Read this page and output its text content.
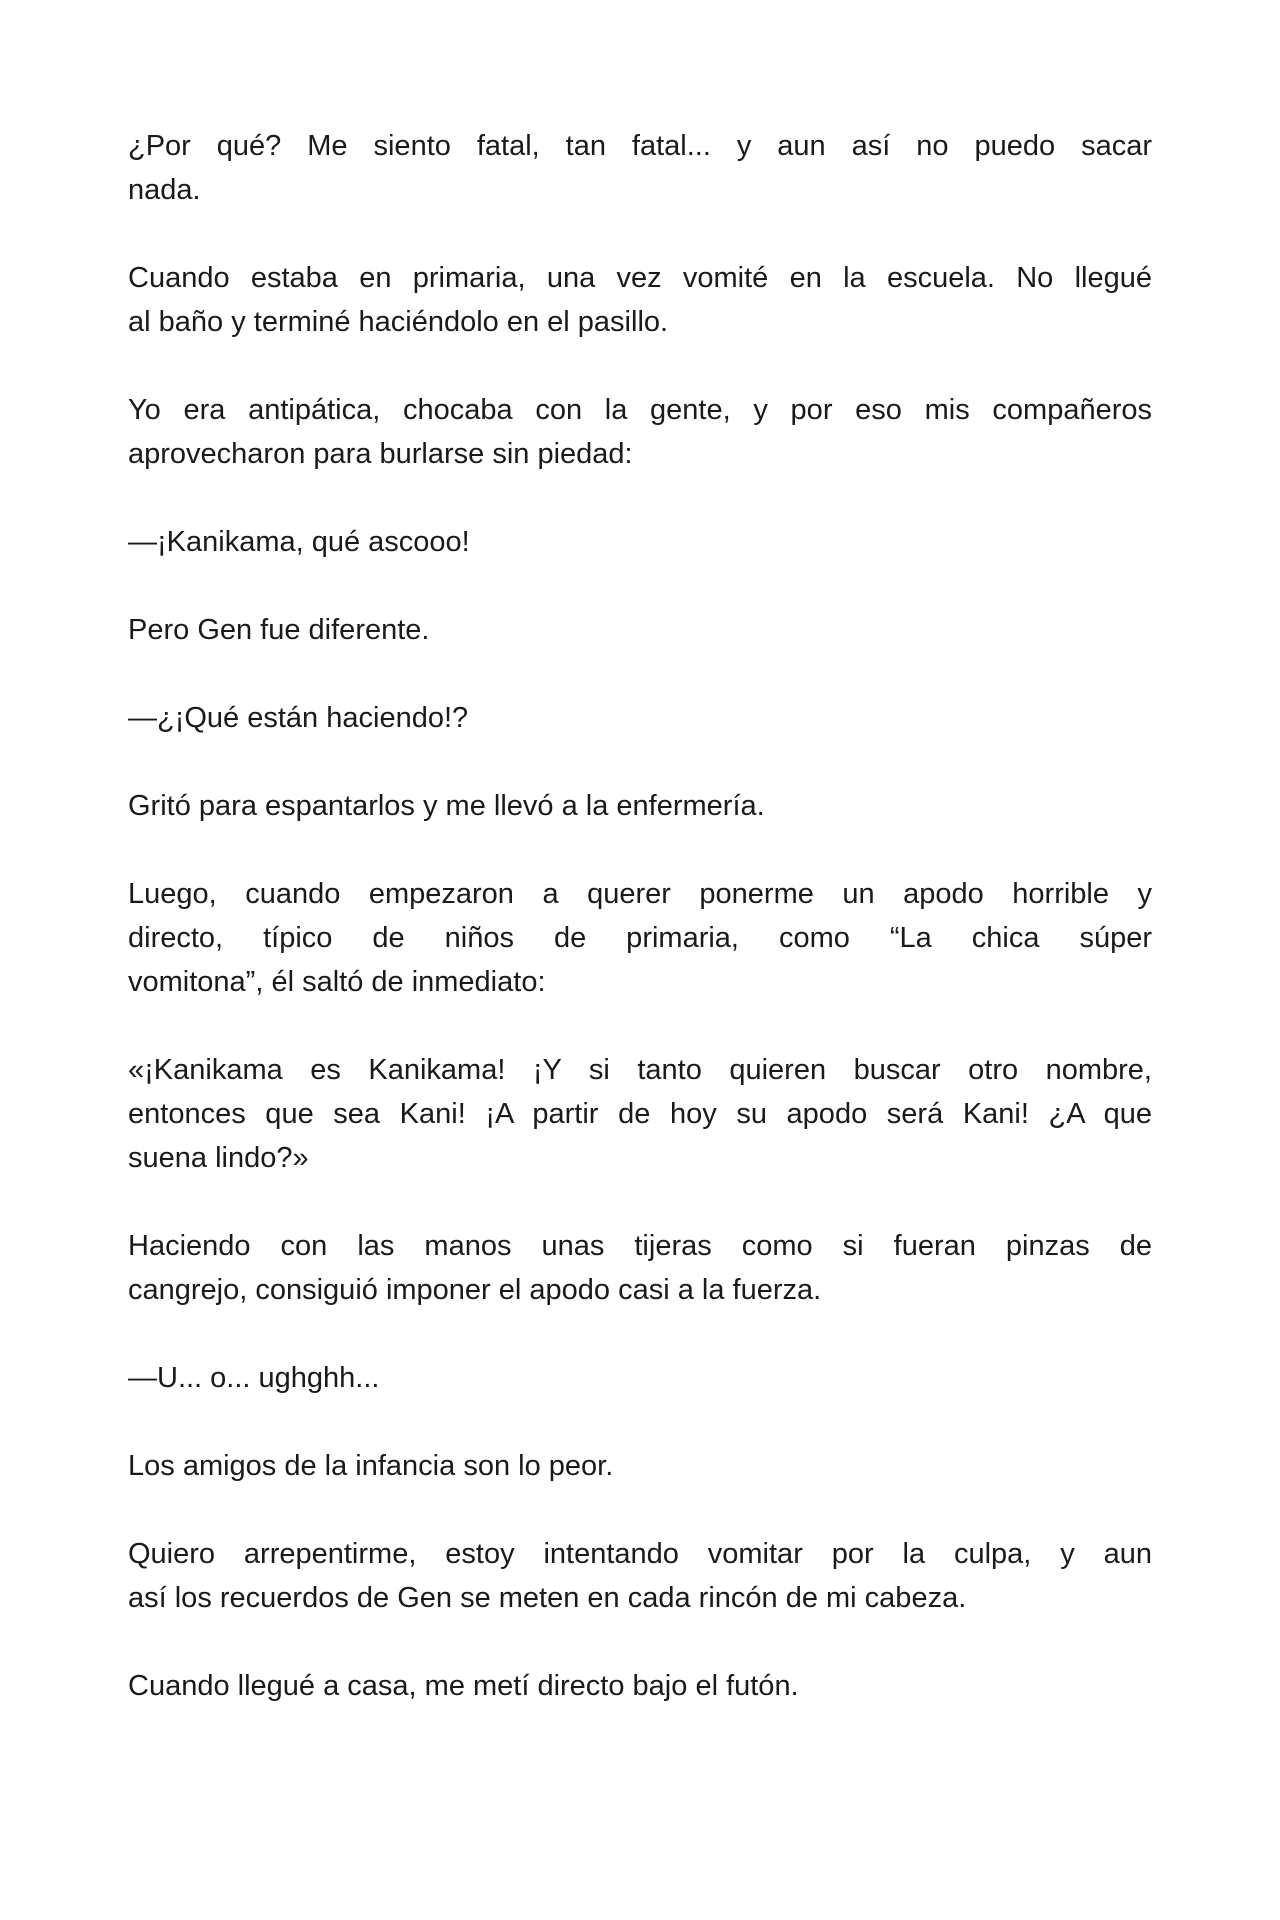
¿Por qué? Me siento fatal, tan fatal... y aun así no puedo sacar
nada.

Cuando estaba en primaria, una vez vomité en la escuela. No llegué
al baño y terminé haciéndolo en el pasillo.

Yo era antipática, chocaba con la gente, y por eso mis compañeros
aprovecharon para burlarse sin piedad:

—¡Kanikama, qué ascooo!

Pero Gen fue diferente.

—¿¡Qué están haciendo!?

Gritó para espantarlos y me llevó a la enfermería.

Luego, cuando empezaron a querer ponerme un apodo horrible y
directo, típico de niños de primaria, como “La chica súper
vomitona”, él saltó de inmediato:

«¡Kanikama es Kanikama! ¡Y si tanto quieren buscar otro nombre,
entonces que sea Kani! ¡A partir de hoy su apodo será Kani! ¿A que
suena lindo?»

Haciendo con las manos unas tijeras como si fueran pinzas de
cangrejo, consiguió imponer el apodo casi a la fuerza.

—U... o... ughghh...

Los amigos de la infancia son lo peor.

Quiero arrepentirme, estoy intentando vomitar por la culpa, y aun
así los recuerdos de Gen se meten en cada rincón de mi cabeza.

Cuando llegué a casa, me metí directo bajo el futón.
